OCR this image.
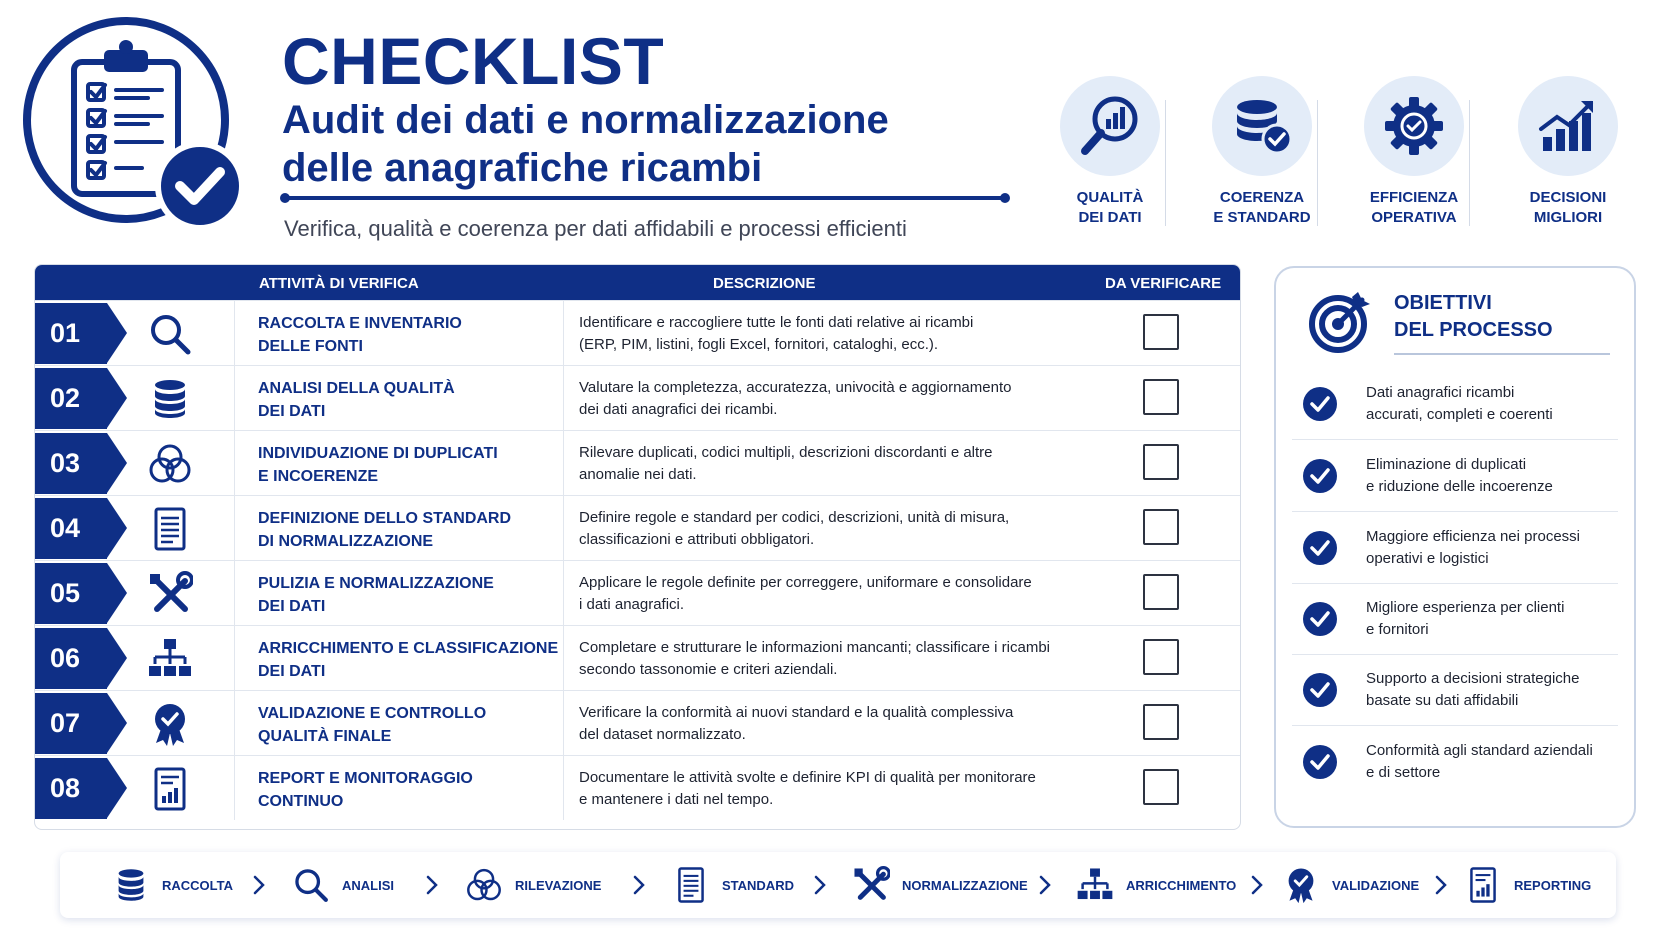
CHECKLIST
Audit dei dati e normalizzazione
delle anagrafiche ricambi
Verifica, qualità e coerenza per dati affidabili e processi efficienti
QUALITÀ
DEI DATI
COERENZA
E STANDARD
EFFICIENZA
OPERATIVA
DECISIONI
MIGLIORI
ATTIVITÀ DI VERIFICA	DESCRIZIONE	DA VERIFICARE
01	RACCOLTA E INVENTARIO
DELLE FONTI
Identificare e raccogliere tutte le fonti dati relative ai ricambi
(ERP, PIM, listini, fogli Excel, fornitori, cataloghi, ecc.).
02	ANALISI DELLA QUALITÀ
DEI DATI
Valutare la completezza, accuratezza, univocità e aggiornamento
dei dati anagrafici dei ricambi.
03	INDIVIDUAZIONE DI DUPLICATI
E INCOERENZE
Rilevare duplicati, codici multipli, descrizioni discordanti e altre
anomalie nei dati.
04	DEFINIZIONE DELLO STANDARD
DI NORMALIZZAZIONE
Definire regole e standard per codici, descrizioni, unità di misura,
classificazioni e attributi obbligatori.
05	PULIZIA E NORMALIZZAZIONE
DEI DATI
Applicare le regole definite per correggere, uniformare e consolidare
i dati anagrafici.
06	ARRICCHIMENTO E CLASSIFICAZIONE
DEI DATI
Completare e strutturare le informazioni mancanti; classificare i ricambi
secondo tassonomie e criteri aziendali.
07	VALIDAZIONE E CONTROLLO
QUALITÀ FINALE
Verificare la conformità ai nuovi standard e la qualità complessiva
del dataset normalizzato.
08	REPORT E MONITORAGGIO
CONTINUO
Documentare le attività svolte e definire KPI di qualità per monitorare
e mantenere i dati nel tempo.
OBIETTIVI
DEL PROCESSO
Dati anagrafici ricambi
accurati, completi e coerenti
Eliminazione di duplicati
e riduzione delle incoerenze
Maggiore efficienza nei processi
operativi e logistici
Migliore esperienza per clienti
e fornitori
Supporto a decisioni strategiche
basate su dati affidabili
Conformità agli standard aziendali
e di settore
RACCOLTA	ANALISI	RILEVAZIONE	STANDARD	NORMALIZZAZIONE	ARRICCHIMENTO	VALIDAZIONE	REPORTING
